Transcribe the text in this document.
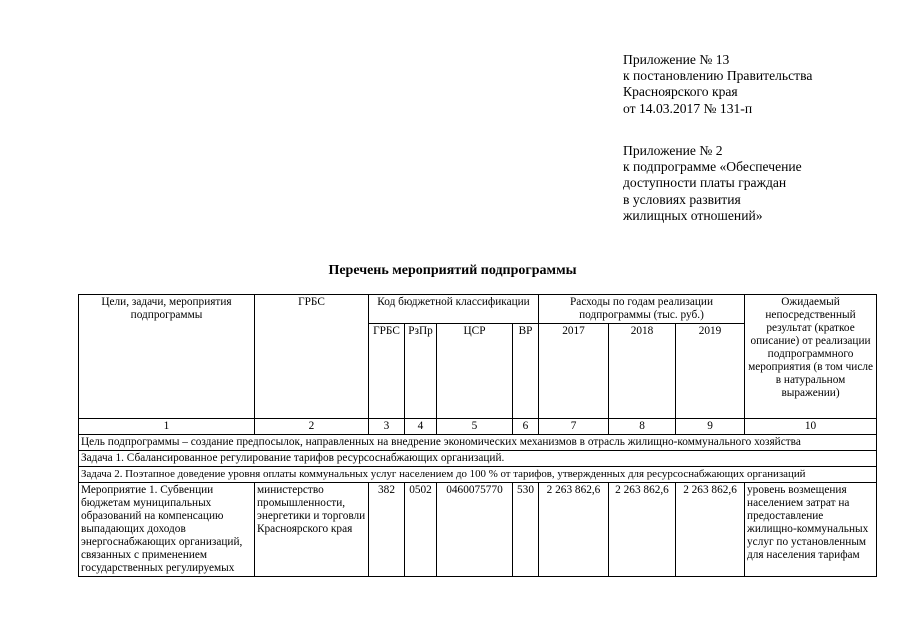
Приложение № 13
к постановлению Правительства
Красноярского края
от 14.03.2017 № 131-п
Приложение № 2
к подпрограмме «Обеспечение
доступности платы граждан
в условиях развития
жилищных отношений»
Перечень мероприятий подпрограммы
Цели, задачи, мероприятия подпрограммы	ГРБС	Код бюджетной классификации				Расходы по годам реализации подпрограммы (тыс. руб.)			Ожидаемый непосредственный результат (краткое описание) от реализации подпрограммного мероприятия (в том числе в натуральном выражении)
		ГРБС	РзПр	ЦСР	ВР	2017	2018	2019	
1	2	3	4	5	6	7	8	9	10
Цель подпрограммы – создание предпосылок, направленных на внедрение экономических механизмов в отрасль жилищно-коммунального хозяйства									
Задача 1. Сбалансированное регулирование тарифов ресурсоснабжающих организаций.									
Задача 2. Поэтапное доведение уровня оплаты коммунальных услуг населением до 100 % от тарифов, утвержденных для ресурсоснабжающих организаций									
Мероприятие 1. Субвенции бюджетам муниципальных образований на компенсацию выпадающих доходов энергоснабжающих организаций, связанных с применением государственных регулируемых	министерство промышленности, энергетики и торговли Красноярского края	382	0502	0460075770	530	2 263 862,6	2 263 862,6	2 263 862,6	уровень возмещения населением затрат на предоставление жилищно-коммунальных услуг по установленным для населения тарифам
